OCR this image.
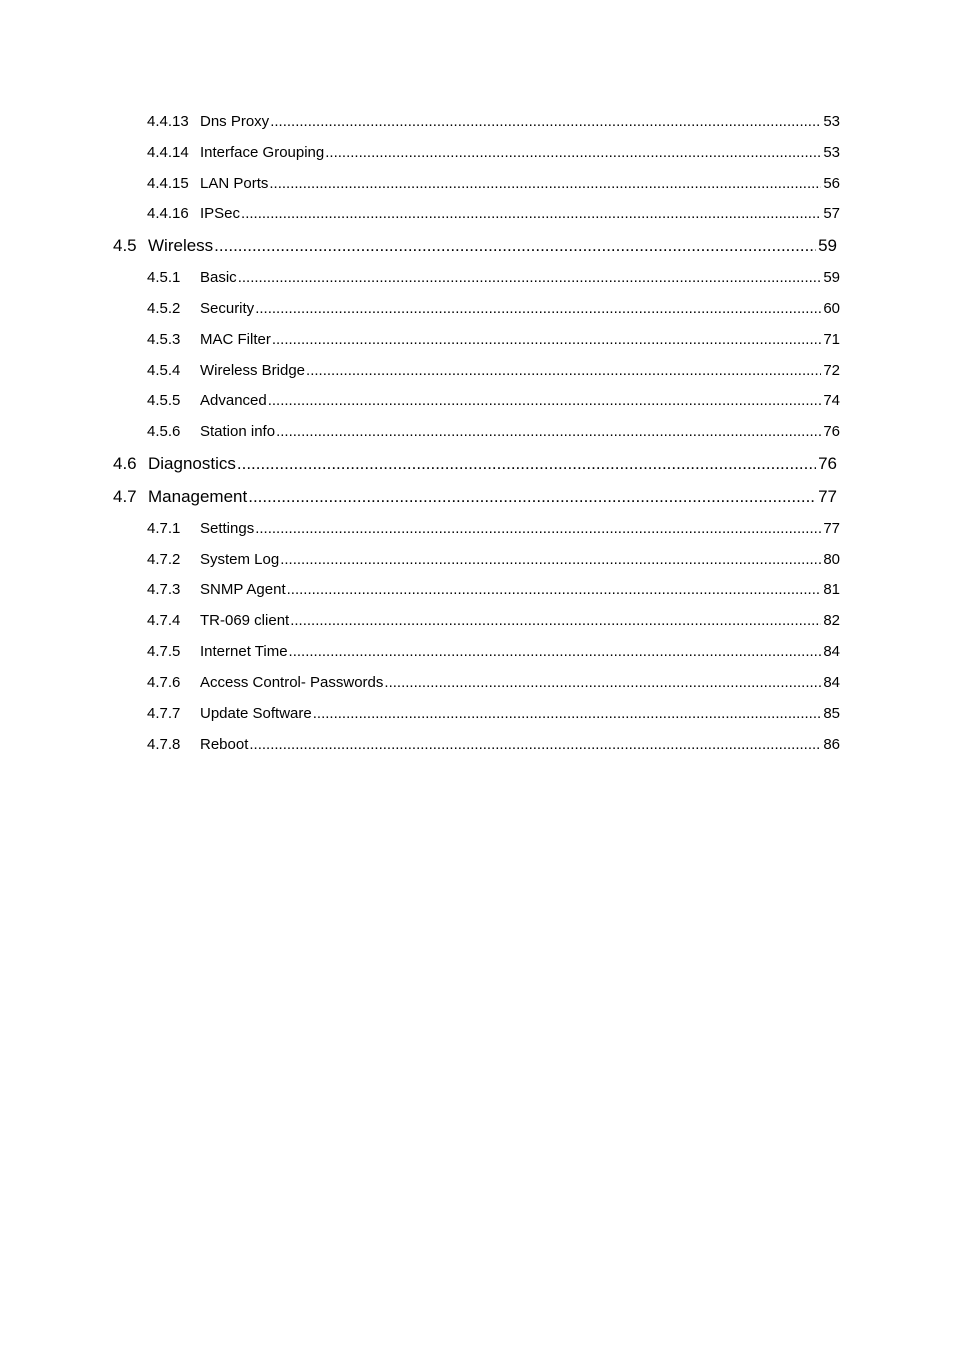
4.4.13 Dns Proxy .....	53
4.4.14 Interface Grouping .....	53
4.4.15 LAN Ports .....	56
4.4.16 IPSec .....	57
4.5 Wireless .....	59
4.5.1	Basic .....	59
4.5.2	Security .....	60
4.5.3	MAC Filter .....	71
4.5.4	Wireless Bridge .....	72
4.5.5	Advanced .....	74
4.5.6	Station info .....	76
4.6 Diagnostics .....	76
4.7 Management .....	77
4.7.1	Settings .....	77
4.7.2	System Log .....	80
4.7.3	SNMP Agent .....	81
4.7.4	TR-069 client .....	82
4.7.5	Internet Time .....	84
4.7.6	Access Control- Passwords .....	84
4.7.7	Update Software .....	85
4.7.8	Reboot .....	86
